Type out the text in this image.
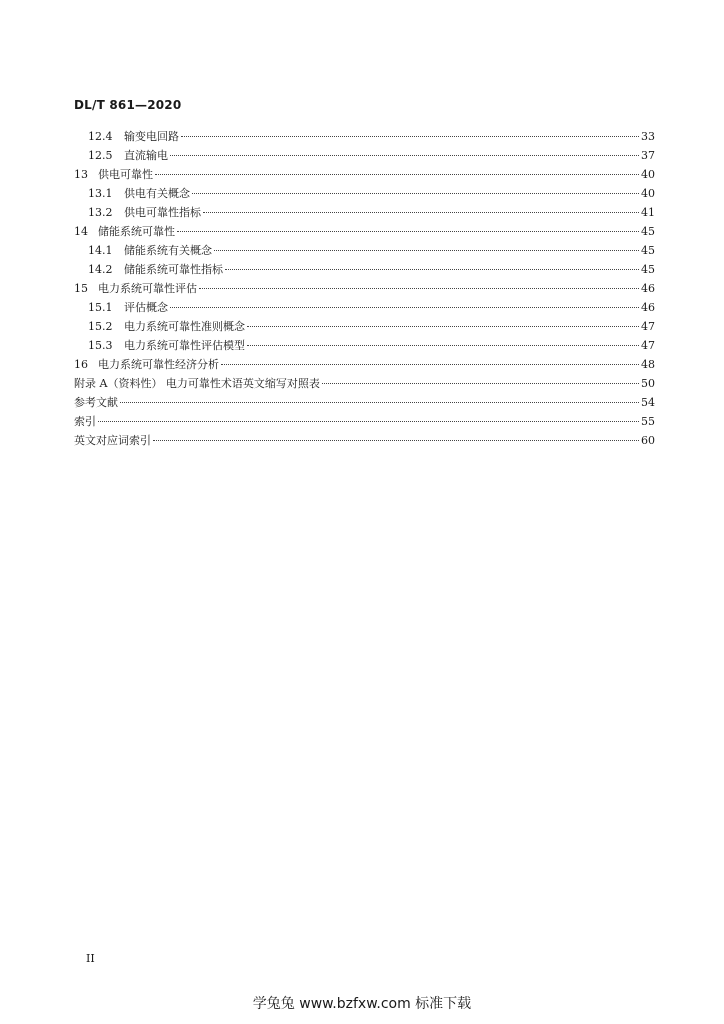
DL/T 861—2020
12.4 输变电回路	33
12.5 直流输电	37
13 供电可靠性	40
13.1 供电有关概念	40
13.2 供电可靠性指标	41
14 储能系统可靠性	45
14.1 储能系统有关概念	45
14.2 储能系统可靠性指标	45
15 电力系统可靠性评估	46
15.1 评估概念	46
15.2 电力系统可靠性准则概念	47
15.3 电力系统可靠性评估模型	47
16 电力系统可靠性经济分析	48
附录 A（资料性） 电力可靠性术语英文缩写对照表	50
参考文献	54
索引	55
英文对应词索引	60
II
学兔兔 www.bzfxw.com 标准下载
